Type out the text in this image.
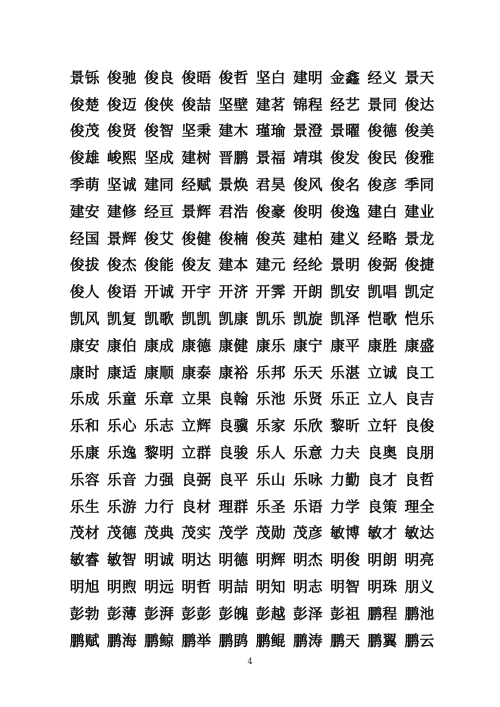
景铄 俊驰 俊良 俊晤 俊哲 坚白 建明 金鑫 经义 景天
俊楚 俊迈 俊侠 俊喆 坚壁 建茗 锦程 经艺 景同 俊达
俊茂 俊贤 俊智 坚秉 建木 瑾瑜 景澄 景曜 俊德 俊美
俊雄 峻熙 坚成 建树 晋鹏 景福 靖琪 俊发 俊民 俊雅
季萌 坚诚 建同 经赋 景焕 君昊 俊风 俊名 俊彦 季同
建安 建修 经亘 景辉 君浩 俊豪 俊明 俊逸 建白 建业
经国 景辉 俊艾 俊健 俊楠 俊英 建柏 建义 经略 景龙
俊拔 俊杰 俊能 俊友 建本 建元 经纶 景明 俊弼 俊捷
俊人 俊语 开诚 开宇 开济 开霁 开朗 凯安 凯唱 凯定
凯风 凯复 凯歌 凯凯 凯康 凯乐 凯旋 凯泽 恺歌 恺乐
康安 康伯 康成 康德 康健 康乐 康宁 康平 康胜 康盛
康时 康适 康顺 康泰 康裕 乐邦 乐天 乐湛 立诚 良工
乐成 乐童 乐章 立果 良翰 乐池 乐贤 乐正 立人 良吉
乐和 乐心 乐志 立辉 良骥 乐家 乐欣 黎昕 立轩 良俊
乐康 乐逸 黎明 立群 良骏 乐人 乐意 力夫 良奥 良朋
乐容 乐音 力强 良弼 良平 乐山 乐咏 力勤 良才 良哲
乐生 乐游 力行 良材 理群 乐圣 乐语 力学 良策 理全
茂材 茂德 茂典 茂实 茂学 茂勋 茂彦 敏博 敏才 敏达
敏睿 敏智 明诚 明达 明德 明辉 明杰 明俊 明朗 明亮
明旭 明煦 明远 明哲 明喆 明知 明志 明智 明珠 朋义
彭勃 彭薄 彭湃 彭彭 彭魄 彭越 彭泽 彭祖 鹏程 鹏池
鹏赋 鹏海 鹏鲸 鹏举 鹏鹍 鹏鲲 鹏涛 鹏天 鹏翼 鹏云
4
